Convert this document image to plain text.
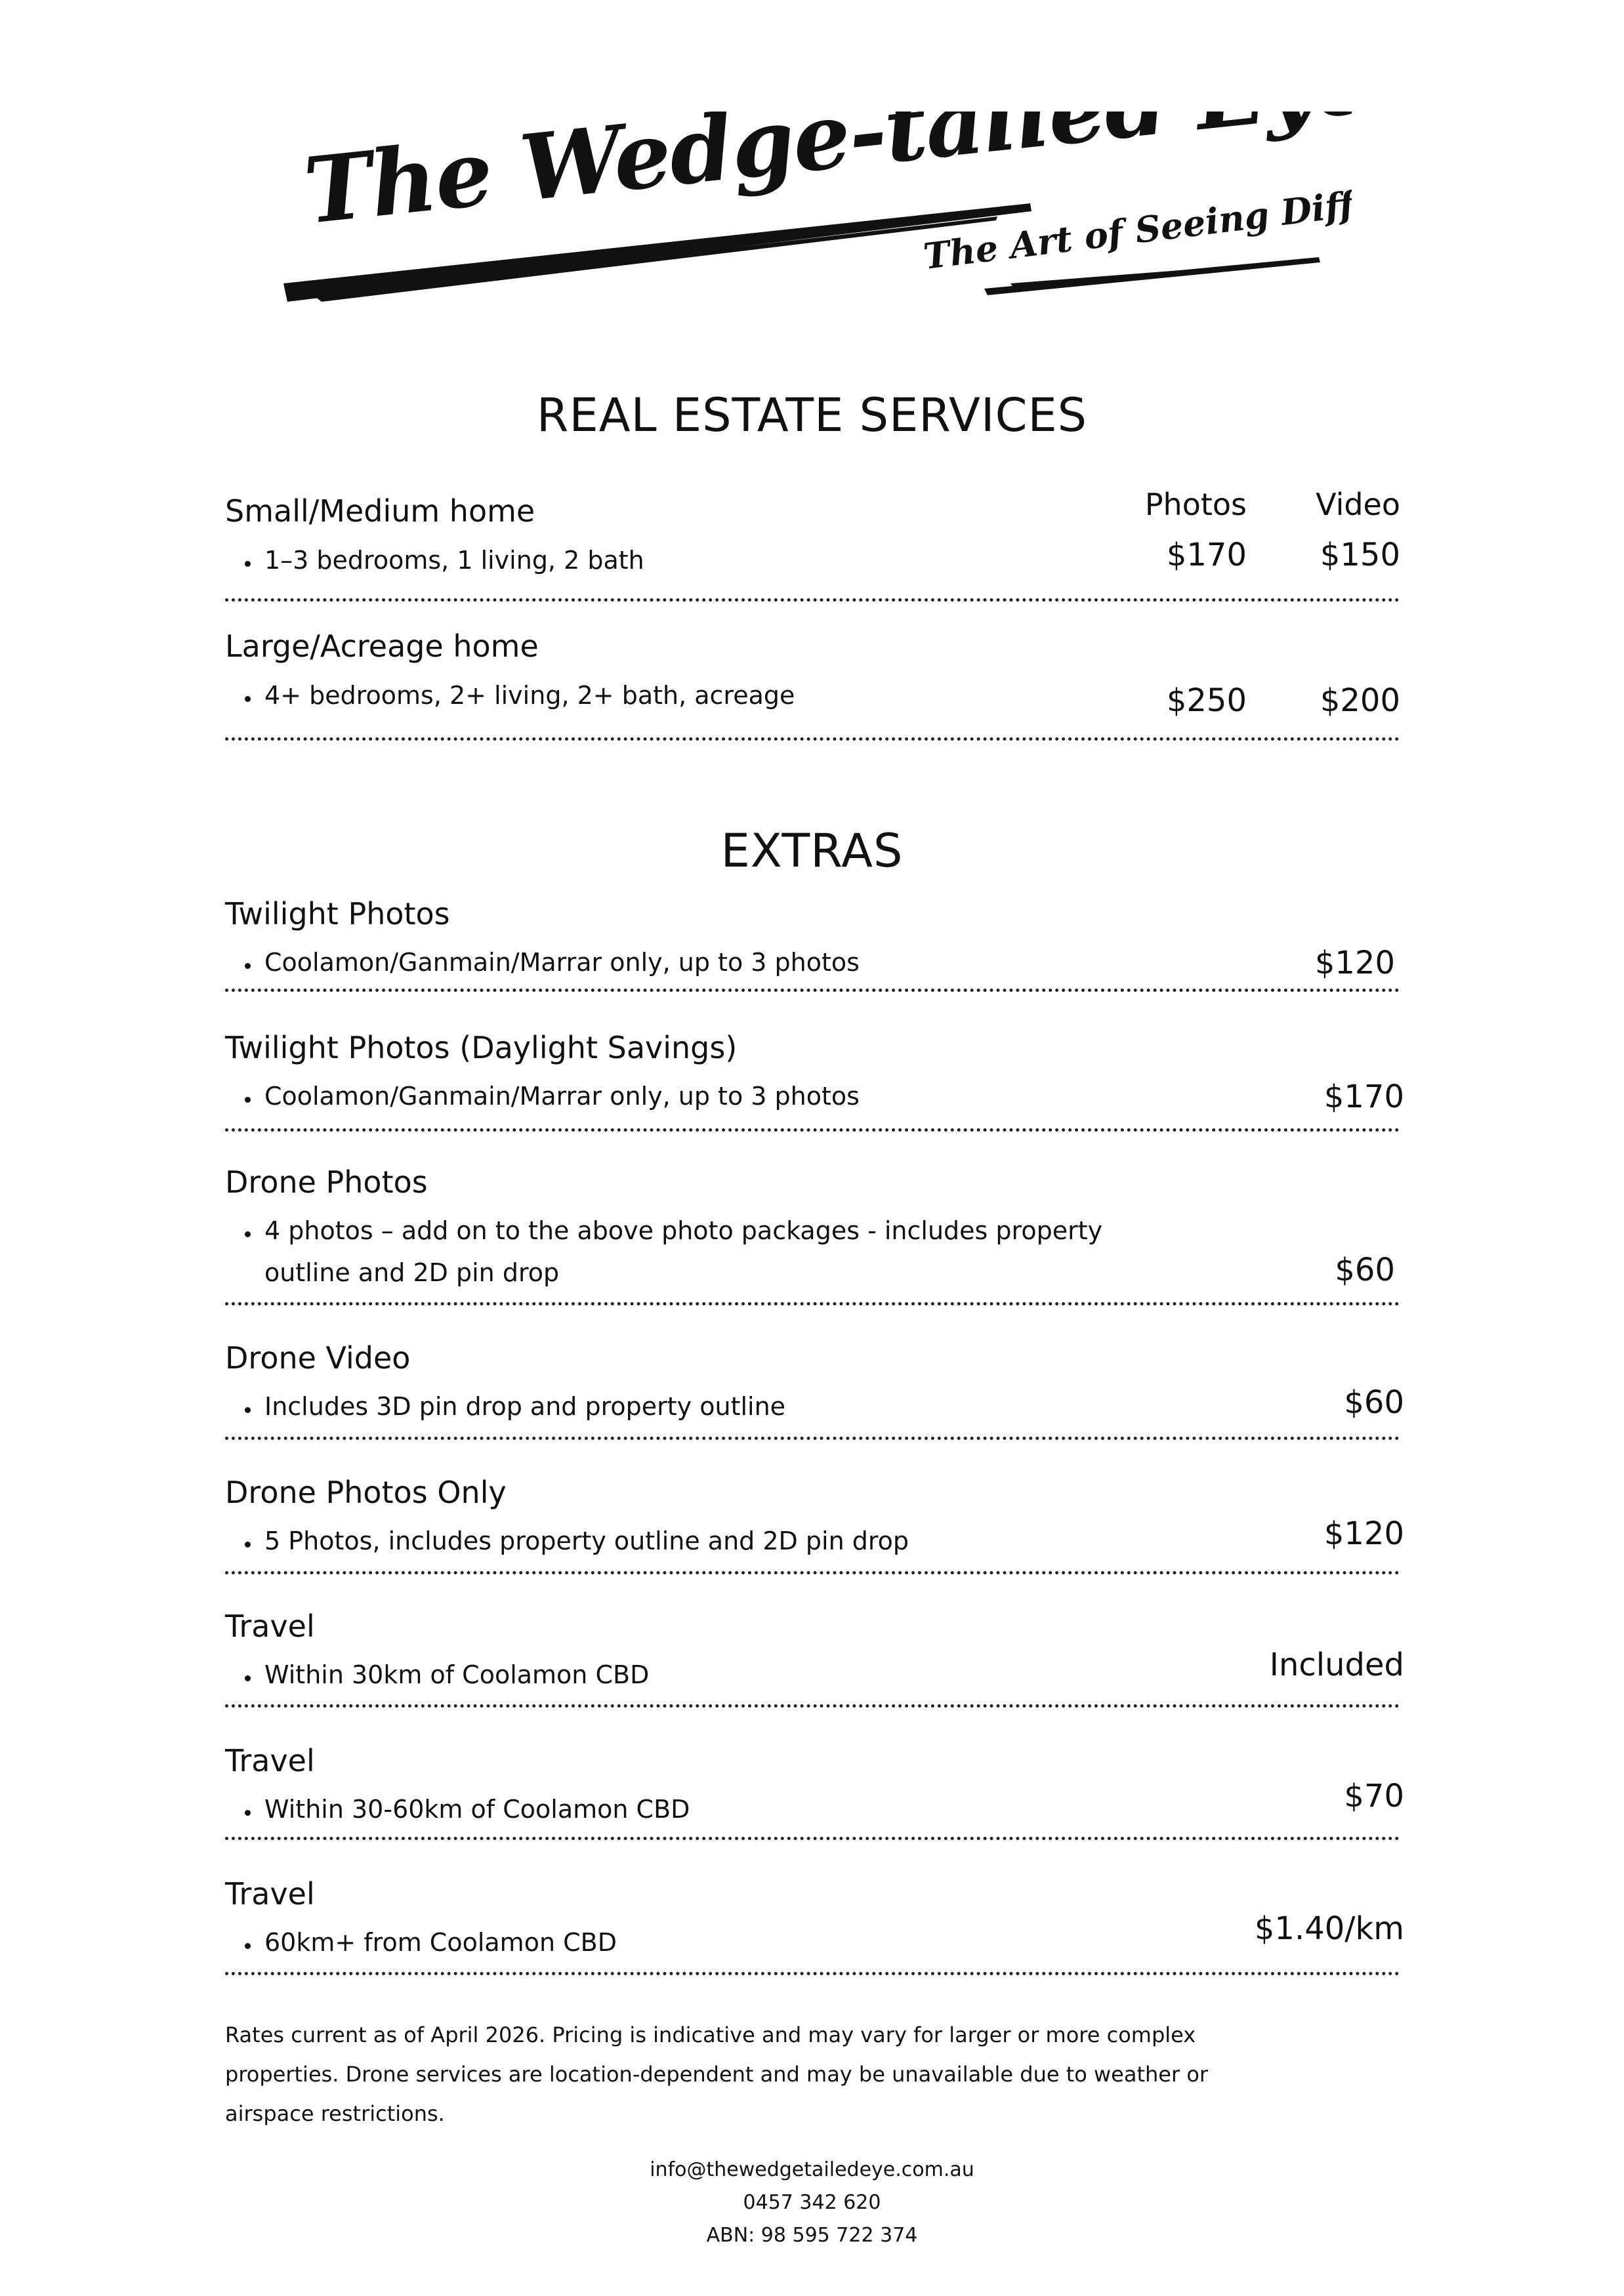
The Wedge-tailed Eye
The Art of Seeing Differently
REAL ESTATE SERVICES
Photos	Video
Small/Medium home
1–3 bedrooms, 1 living, 2 bath	$170	$150
Large/Acreage home
4+ bedrooms, 2+ living, 2+ bath, acreage	$250	$200
EXTRAS
Twilight Photos
Coolamon/Ganmain/Marrar only, up to 3 photos	$120
Twilight Photos (Daylight Savings)
Coolamon/Ganmain/Marrar only, up to 3 photos	$170
Drone Photos
4 photos – add on to the above photo packages - includes property
outline and 2D pin drop	$60
Drone Video
Includes 3D pin drop and property outline	$60
Drone Photos Only
5 Photos, includes property outline and 2D pin drop	$120
Travel
Within 30km of Coolamon CBD	Included
Travel
Within 30-60km of Coolamon CBD	$70
Travel
60km+ from Coolamon CBD	$1.40/km
Rates current as of April 2026. Pricing is indicative and may vary for larger or more complex
properties. Drone services are location-dependent and may be unavailable due to weather or
airspace restrictions.
info@thewedgetailedeye.com.au
0457 342 620
ABN: 98 595 722 374
